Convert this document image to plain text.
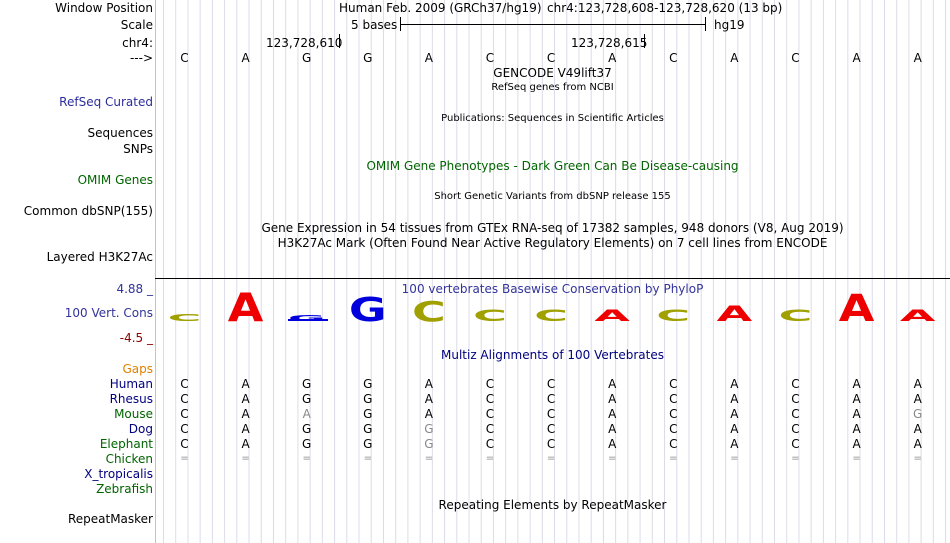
Window Position	Human Feb. 2009 (GRCh37/hg19) chr4:123,728,608-123,728,620 (13 bp)
Scale	5 bases	hg19
chr4:	123,728,610	123,728,615
--->	C	A	G	G	A	C	C	A	C	A	C	A	A
GENCODE V49lift37
RefSeq genes from NCBI
RefSeq Curated
Publications: Sequences in Scientific Articles
Sequences
SNPs
OMIM Gene Phenotypes - Dark Green Can Be Disease-causing
OMIM Genes
Short Genetic Variants from dbSNP release 155
Common dbSNP(155)
Gene Expression in 54 tissues from GTEx RNA-seq of 17382 samples, 948 donors (V8, Aug 2019)
H3K27Ac Mark (Often Found Near Active Regulatory Elements) on 7 cell lines from ENCODE
Layered H3K27Ac
100 vertebrates Basewise Conservation by PhyloP
4.88 _
100 Vert. Cons
-4.5 _
C A G G C C C A C A C A A
Multiz Alignments of 100 Vertebrates
Gaps
Human	C	A	G	G	A	C	C	A	C	A	C	A	A
Rhesus	C	A	G	G	A	C	C	A	C	A	C	A	A
Mouse	C	A	A	G	A	C	C	A	C	A	C	A	G
Dog	C	A	G	G	G	C	C	A	C	A	C	A	A
Elephant	C	A	G	G	G	C	C	A	C	A	C	A	A
Chicken	=	=	=	=	=	=	=	=	=	=	=	=	=
X_tropicalis
Zebrafish
Repeating Elements by RepeatMasker
RepeatMasker
